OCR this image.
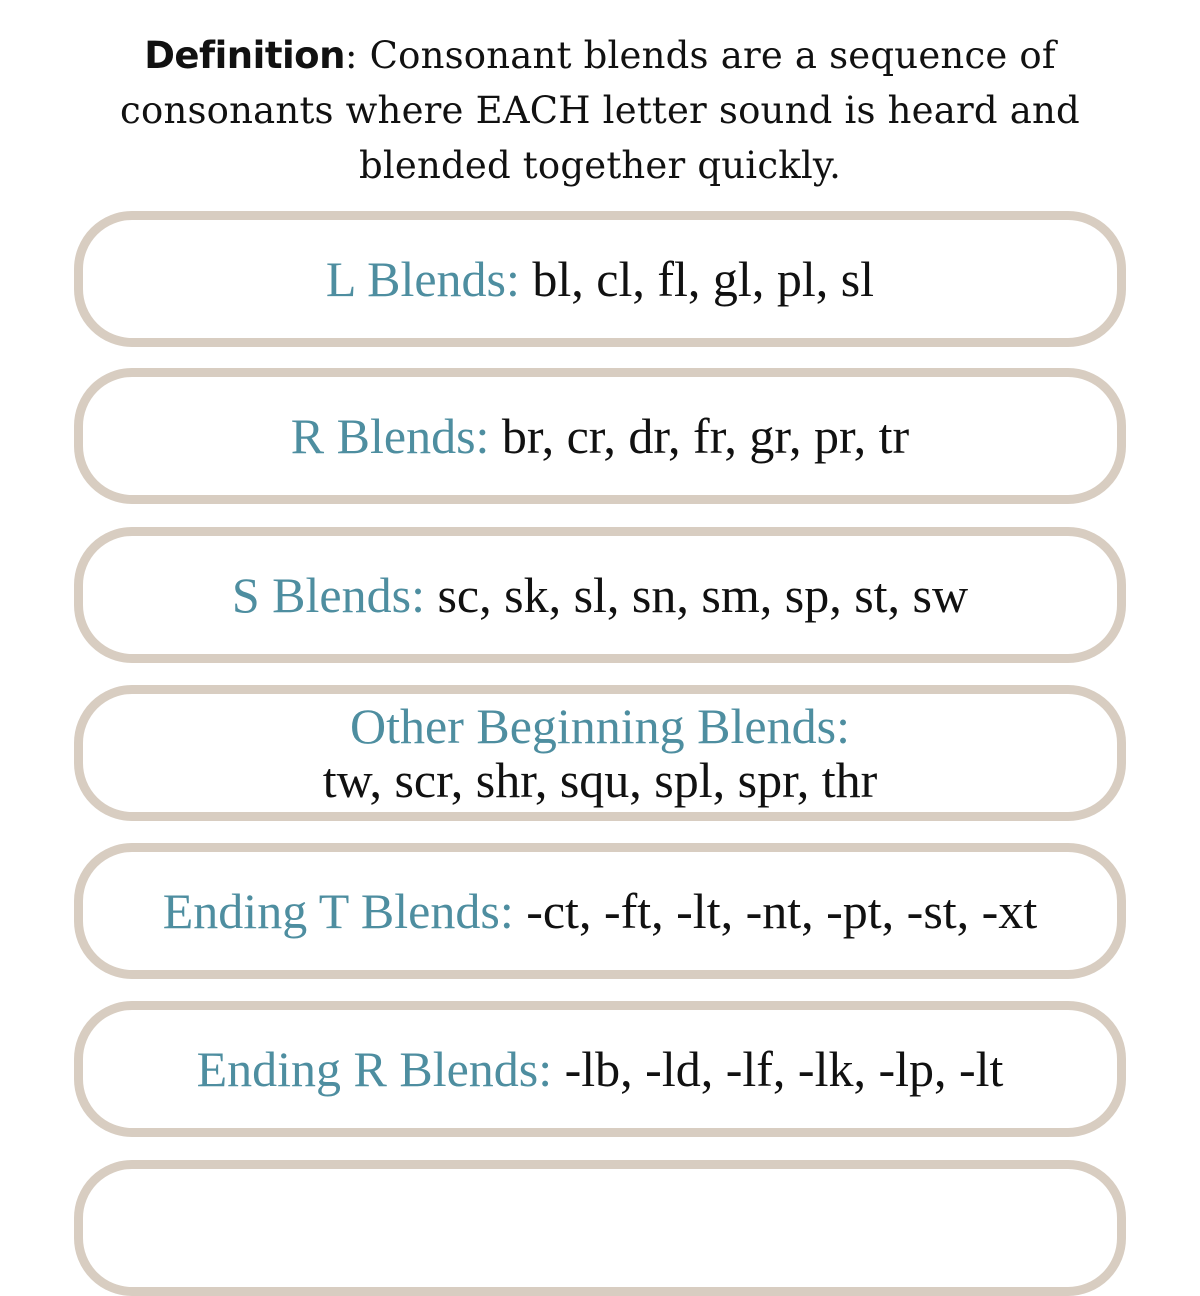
Definition: Consonant blends are a sequence of consonants where EACH letter sound is heard and blended together quickly.
L Blends: bl, cl, fl, gl, pl, sl
R Blends: br, cr, dr, fr, gr, pr, tr
S Blends: sc, sk, sl, sn, sm, sp, st, sw
Other Beginning Blends:
tw, scr, shr, squ, spl, spr, thr
Ending T Blends: -ct, -ft, -lt, -nt, -pt, -st, -xt
Ending R Blends: -lb, -ld, -lf, -lk, -lp, -lt
